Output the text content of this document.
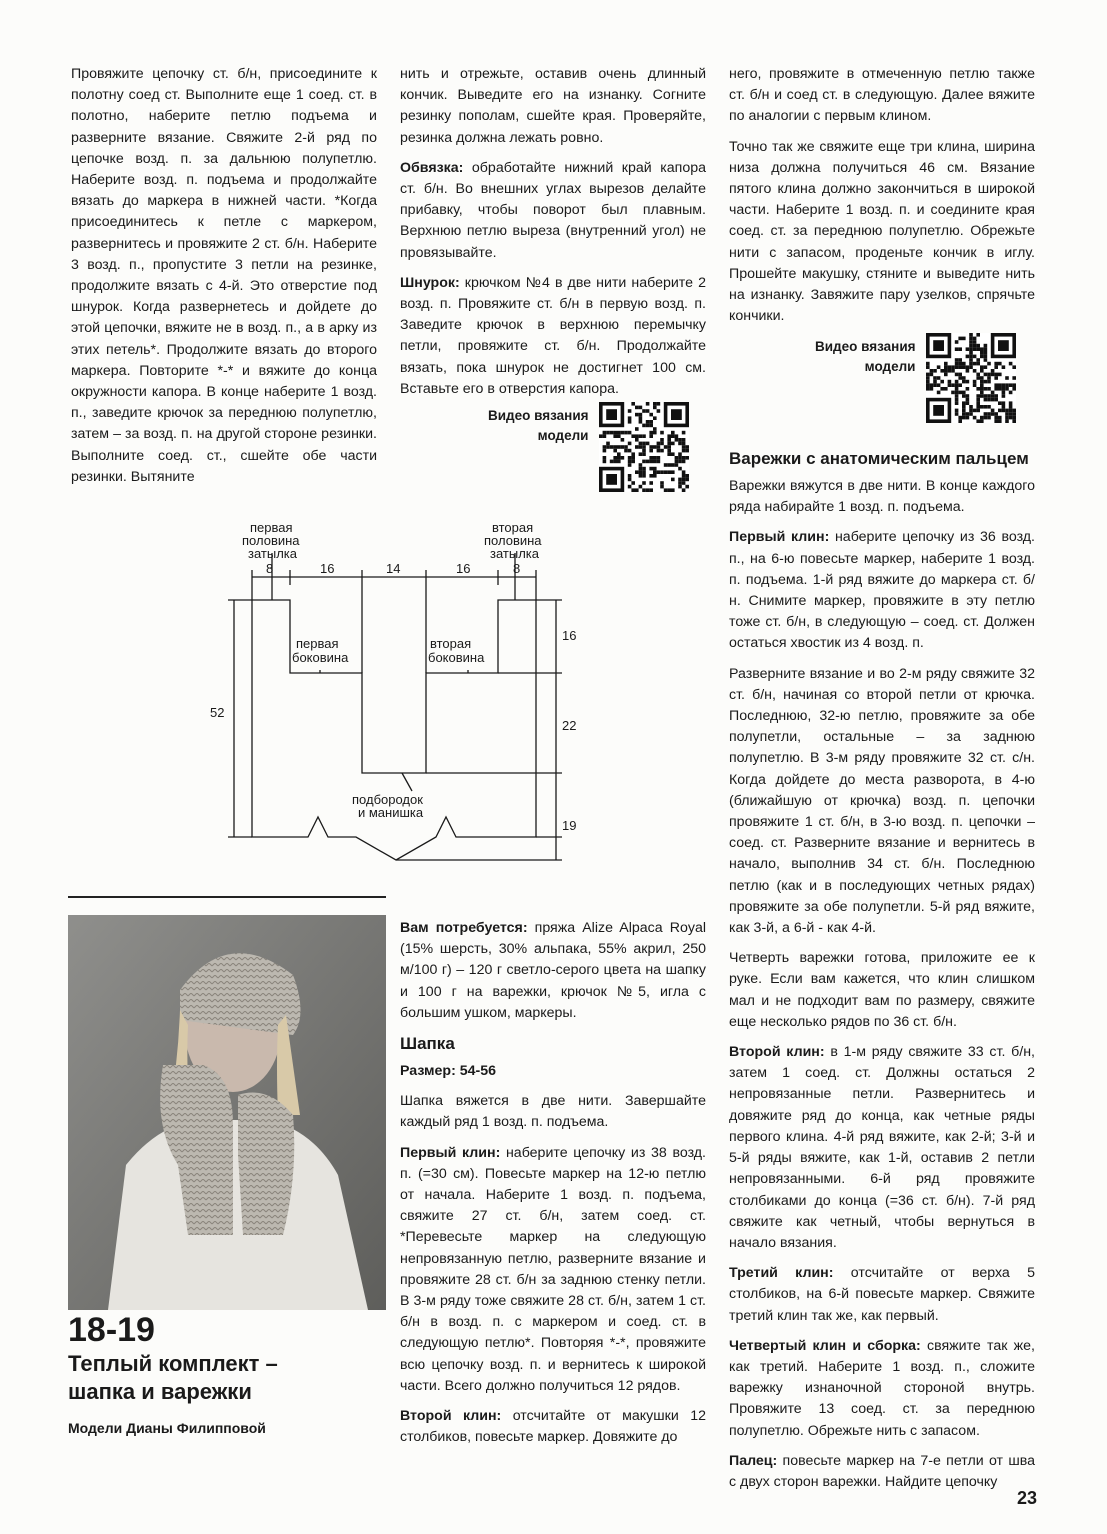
Провяжите цепочку ст. б/н, присоедините к полотну соед ст. Выполните еще 1 соед. ст. в полотно, наберите петлю подъема и разверните вязание. Свяжите 2-й ряд по цепочке возд. п. за дальнюю полупетлю. Наберите возд. п. подъема и продолжайте вязать до маркера в нижней части. *Когда присоединитесь к петле с маркером, развернитесь и провяжите 2 ст. б/н. Наберите 3 возд. п., пропустите 3 петли на резинке, продолжите вязать с 4-й. Это отверстие под шнурок. Когда развернетесь и дойдете до этой цепочки, вяжите не в возд. п., а в арку из этих петель*. Продолжите вязать до второго маркера. Повторите *-* и вяжите до конца окружности капора. В конце наберите 1 возд. п., заведите крючок за переднюю полупетлю, затем – за возд. п. на другой стороне резинки. Выполните соед. ст., сшейте обе части резинки. Вытяните

нить и отрежьте, оставив очень длинный кончик. Выведите его на изнанку. Согните резинку пополам, сшейте края. Проверяйте, резинка должна лежать ровно.

Обвязка: обработайте нижний край капора ст. б/н. Во внешних углах вырезов делайте прибавку, чтобы поворот был плавным. Верхнюю петлю выреза (внутренний угол) не провязывайте.

Шнурок: крючком №4 в две нити наберите 2 возд. п. Провяжите ст. б/н в первую возд. п. Заведите крючок в верхнюю перемычку петли, провяжите ст. б/н. Продолжайте вязать, пока шнурок не достигнет 100 см. Вставьте его в отверстия капора.

Видео вязания
модели

него, провяжите в отмеченную петлю также ст. б/н и соед ст. в следующую. Далее вяжите по аналогии с первым клином.

Точно так же свяжите еще три клина, ширина низа должна получиться 46 см. Вязание пятого клина должно закончиться в широкой части. Наберите 1 возд. п. и соедините края соед. ст. за переднюю полупетлю. Обрежьте нити с запасом, проденьте кончик в иглу. Прошейте макушку, стяните и выведите нить на изнанку. Завяжите пару узелков, спрячьте кончики.

Видео вязания
модели
Варежки с анатомическим пальцем

Варежки вяжутся в две нити. В конце каждого ряда набирайте 1 возд. п. подъема.

Первый клин: наберите цепочку из 36 возд. п., на 6-ю повесьте маркер, наберите 1 возд. п. подъема. 1-й ряд вяжите до маркера ст. б/н. Снимите маркер, провяжите в эту петлю тоже ст. б/н, в следующую – соед. ст. Должен остаться хвостик из 4 возд. п.

Разверните вязание и во 2-м ряду свяжите 32 ст. б/н, начиная со второй петли от крючка. Последнюю, 32-ю петлю, провяжите за обе полупетли, остальные – за заднюю полупетлю. В 3-м ряду провяжите 32 ст. с/н. Когда дойдете до места разворота, в 4-ю (ближайшую от крючка) возд. п. цепочки провяжите 1 ст. б/н, в 3-ю возд. п. цепочки – соед. ст. Разверните вязание и вернитесь в начало, выполнив 34 ст. б/н. Последнюю петлю (как и в последующих четных рядах) провяжите за обе полупетли. 5-й ряд вяжите, как 3-й, а 6-й - как 4-й.

Четверть варежки готова, приложите ее к руке. Если вам кажется, что клин слишком мал и не подходит вам по размеру, свяжите еще несколько рядов по 36 ст. б/н.

Второй клин: в 1-м ряду свяжите 33 ст. б/н, затем 1 соед. ст. Должны остаться 2 непровязанные петли. Развернитесь и довяжите ряд до конца, как четные ряды первого клина. 4-й ряд вяжите, как 2-й; 3-й и 5-й ряды вяжите, как 1-й, оставив 2 петли непровязанными. 6-й ряд провяжите столбиками до конца (=36 ст. б/н). 7-й ряд свяжите как четный, чтобы вернуться в начало вязания.

Третий клин: отсчитайте от верха 5 столбиков, на 6-й повесьте маркер. Свяжите третий клин так же, как первый.

Четвертый клин и сборка: свяжите так же, как третий. Наберите 1 возд. п., сложите варежку изнаночной стороной внутрь. Провяжите 13 соед. ст. за переднюю полупетлю. Обрежьте нить с запасом.

Палец: повесьте маркер на 7-е петли от шва с двух сторон варежки. Найдите цепочку

первая
половина
затылка
вторая
половина
затылка
8	16	14	16	8
52
16
22
19
первая
боковина
вторая
боковина
подбородок
и манишка
18-19
Теплый комплект –
шапка и варежки
Модели Дианы Филипповой

Вам потребуется: пряжа Alize Alpaca Royal (15% шерсть, 30% альпака, 55% акрил, 250 м/100 г) – 120 г светло-серого цвета на шапку и 100 г на варежки, крючок №5, игла с большим ушком, маркеры.

Шапка

Размер: 54-56

Шапка вяжется в две нити. Завершайте каждый ряд 1 возд. п. подъема.

Первый клин: наберите цепочку из 38 возд. п. (=30 см). Повесьте маркер на 12-ю петлю от начала. Наберите 1 возд. п. подъема, свяжите 27 ст. б/н, затем соед. ст. *Перевесьте маркер на следующую непровязанную петлю, разверните вязание и провяжите 28 ст. б/н за заднюю стенку петли. В 3-м ряду тоже свяжите 28 ст. б/н, затем 1 ст. б/н в возд. п. с маркером и соед. ст. в следующую петлю*. Повторяя *-*, провяжите всю цепочку возд. п. и вернитесь к широкой части. Всего должно получиться 12 рядов.

Второй клин: отсчитайте от макушки 12 столбиков, повесьте маркер. Довяжите до

23
